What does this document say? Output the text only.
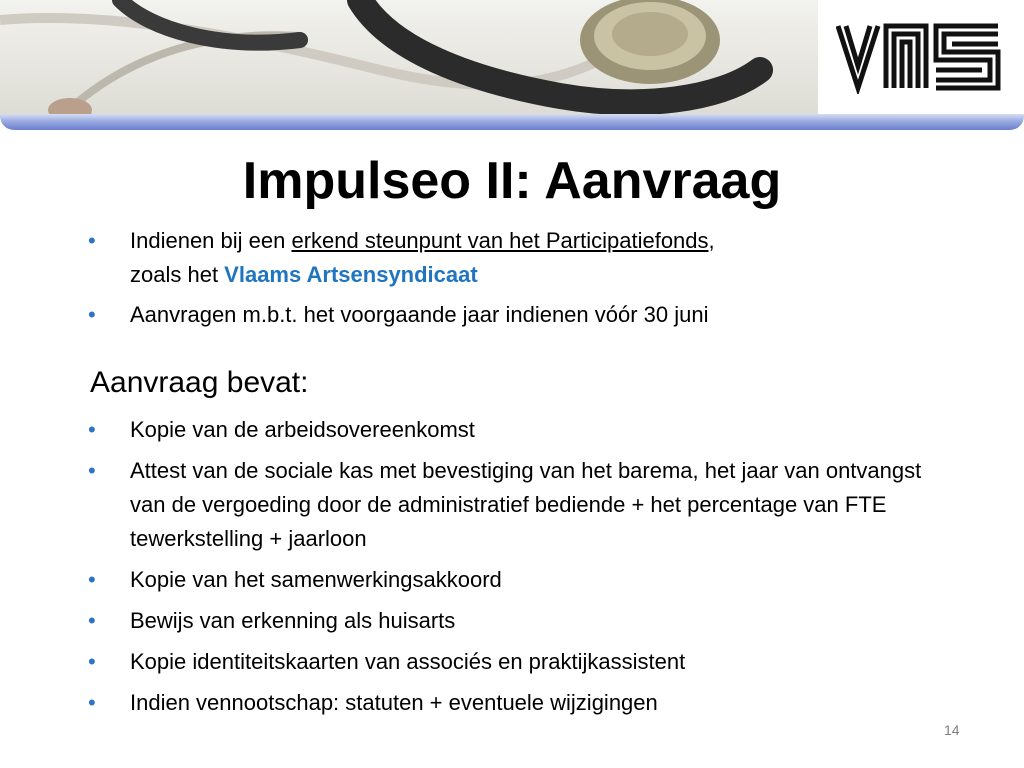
Impulseo II: Aanvraag
• Indienen bij een erkend steunpunt van het Participatiefonds,
zoals het Vlaams Artsensyndicaat
• Aanvragen m.b.t. het voorgaande jaar indienen vóór 30 juni
Aanvraag bevat:
• Kopie van de arbeidsovereenkomst
• Attest van de sociale kas met bevestiging van het barema, het jaar van ontvangst van de vergoeding door de administratief bediende + het percentage van FTE tewerkstelling + jaarloon
• Kopie van het samenwerkingsakkoord
• Bewijs van erkenning als huisarts
• Kopie identiteitskaarten van associés en praktijkassistent
• Indien vennootschap: statuten + eventuele wijzigingen
14
